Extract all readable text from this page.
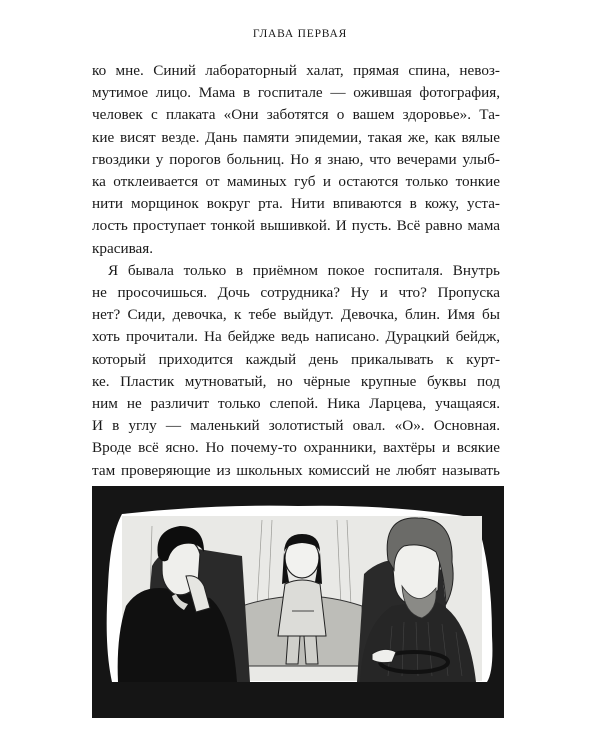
ГЛАВА ПЕРВАЯ
ко мне. Синий лабораторный халат, прямая спина, невоз-
мутимое лицо. Мама в госпитале — ожившая фотография,
человек с плаката «Они заботятся о вашем здоровье». Та-
кие висят везде. Дань памяти эпидемии, такая же, как вялые
гвоздики у порогов больниц. Но я знаю, что вечерами улыб-
ка отклеивается от маминых губ и остаются только тонкие
нити морщинок вокруг рта. Нити впиваются в кожу, уста-
лость проступает тонкой вышивкой. И пусть. Всё равно мама
красивая.
Я бывала только в приёмном покое госпиталя. Внутрь
не просочишься. Дочь сотрудника? Ну и что? Пропуска
нет? Сиди, девочка, к тебе выйдут. Девочка, блин. Имя бы
хоть прочитали. На бейдже ведь написано. Дурацкий бейдж,
который приходится каждый день прикалывать к курт-
ке. Пластик мутноватый, но чёрные крупные буквы под
ним не различит только слепой. Ника Ларцева, учащаяся.
И в углу — маленький золотистый овал. «О». Основная.
Вроде всё ясно. Но почему-то охранники, вахтёры и всякие
там проверяющие из школьных комиссий не любят называть
